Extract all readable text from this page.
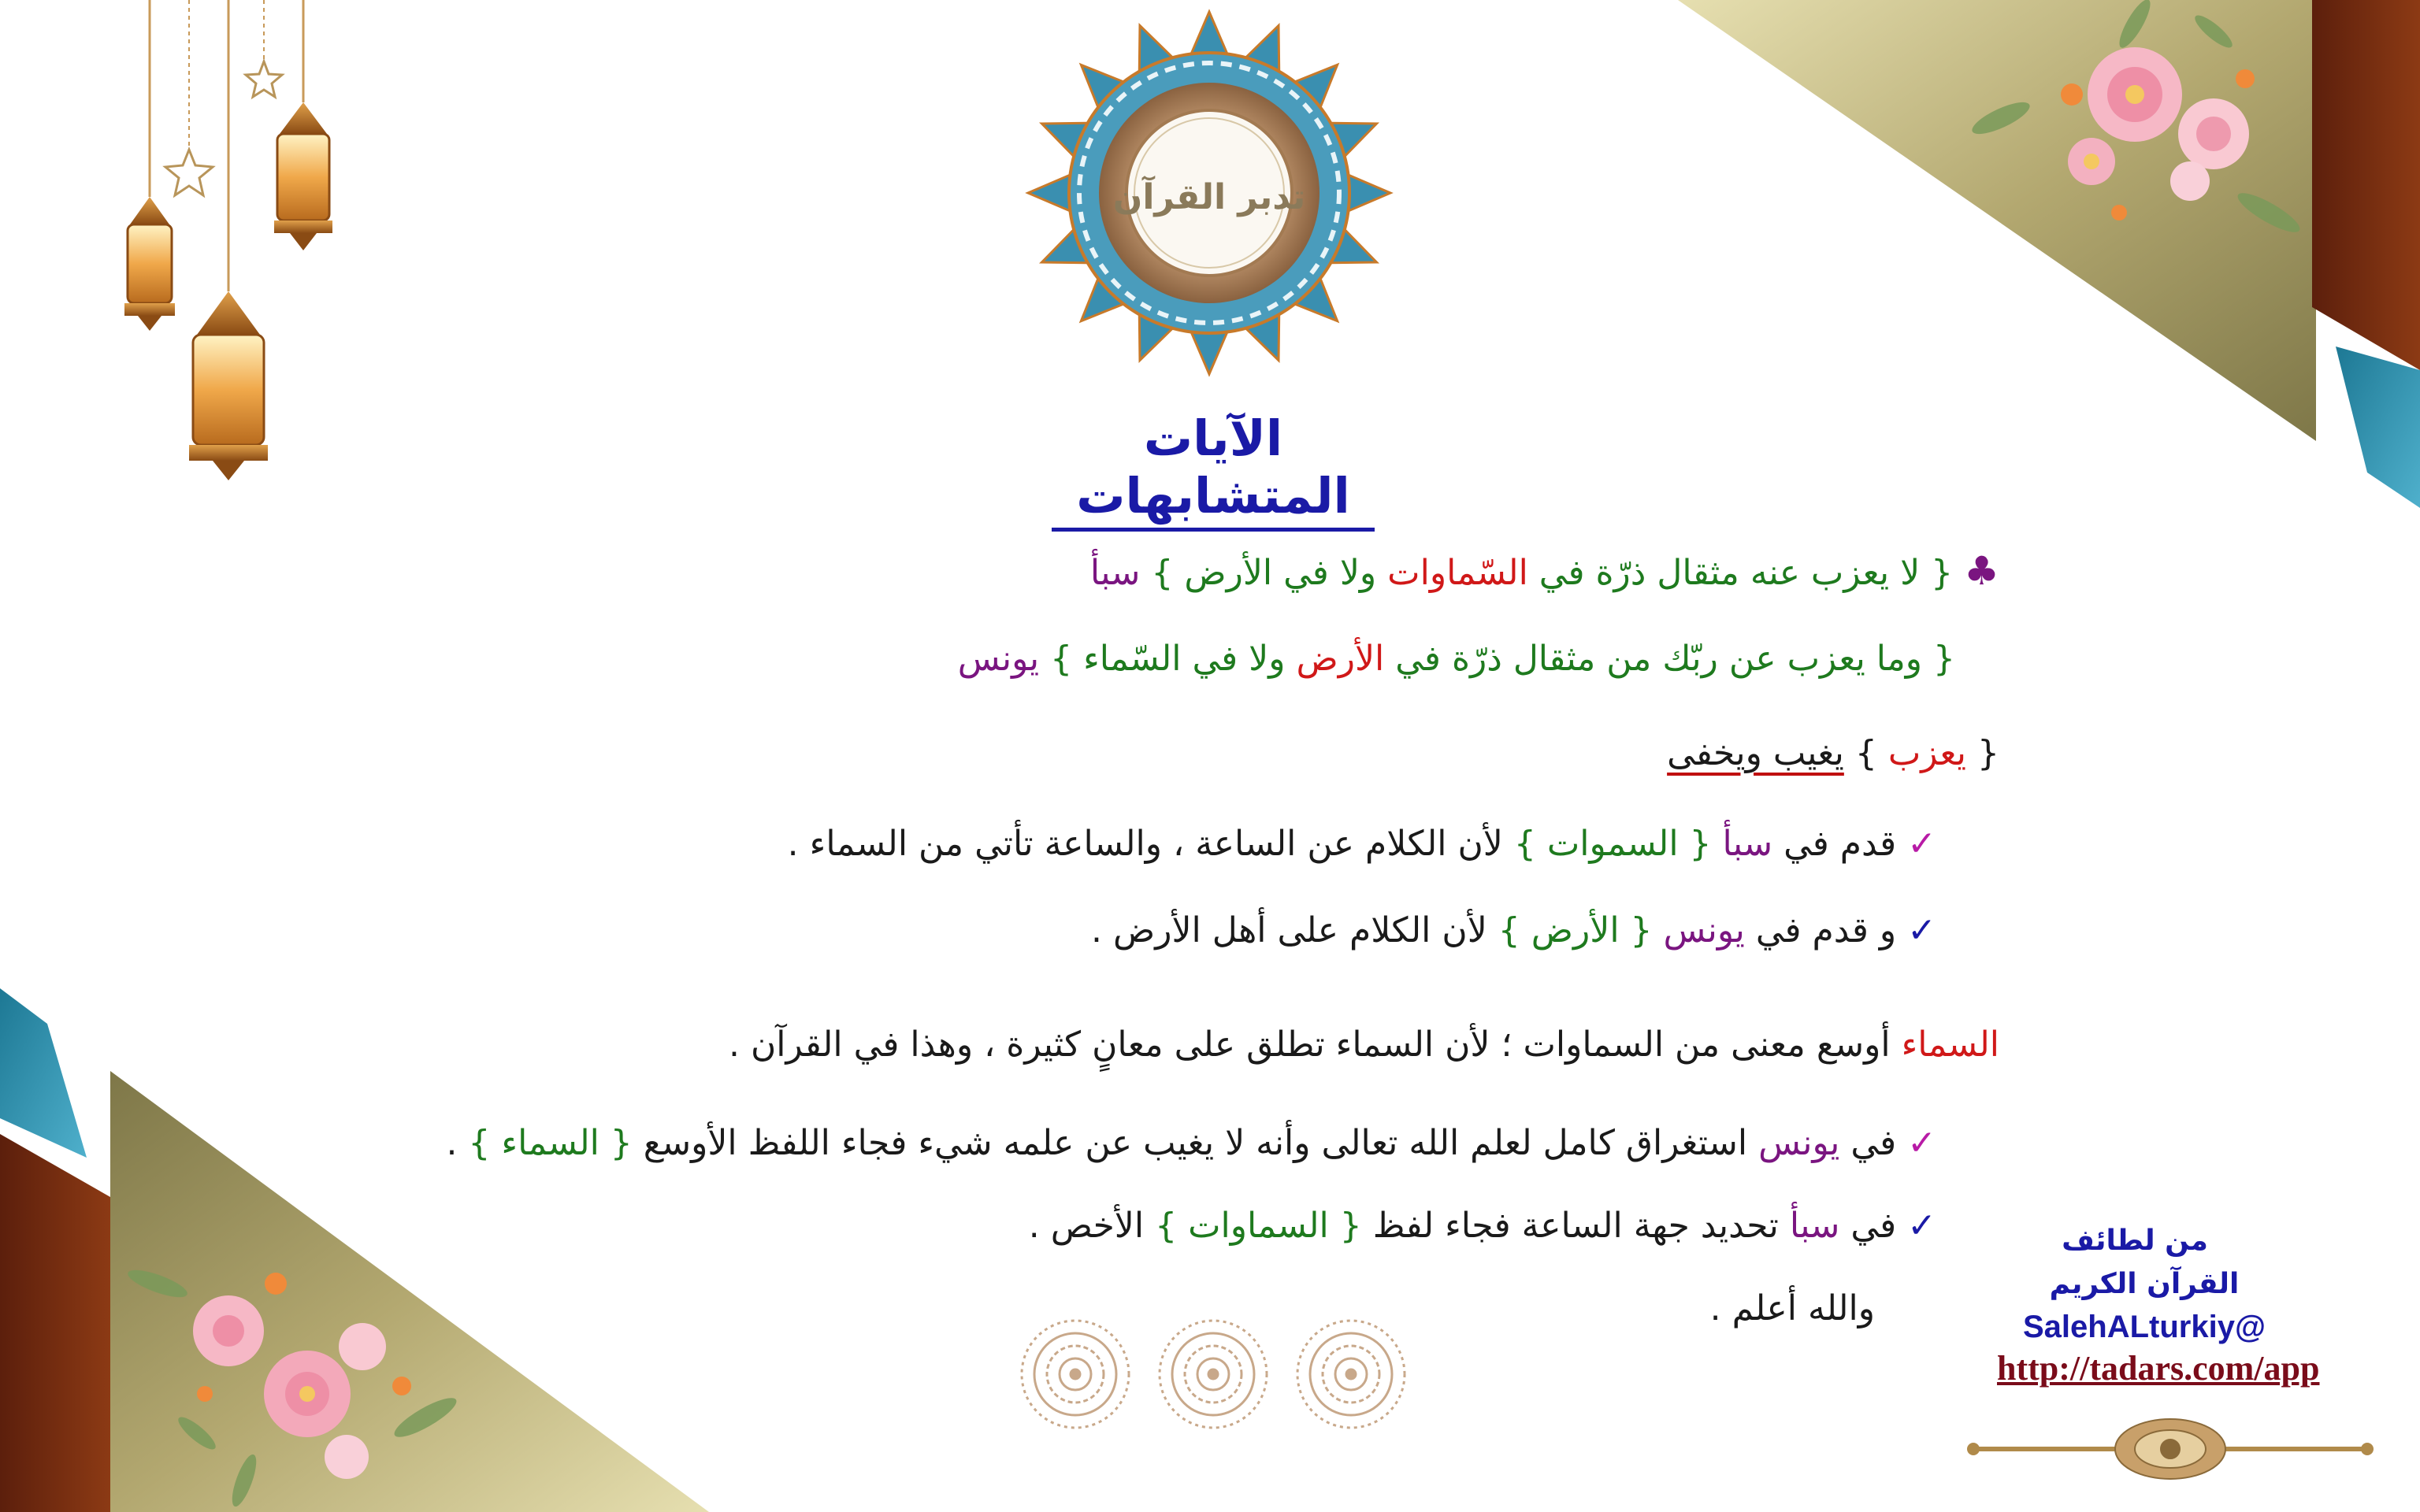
تدبر القرآن
الآيات المتشابهات
♣ { لا يعزب عنه مثقال ذرّة في السّماوات ولا في الأرض } سبأ
{ وما يعزب عن ربّك من مثقال ذرّة في الأرض ولا في السّماء } يونس
{ يعزب } يغيب ويخفى
✓ قدم في سبأ { السموات } لأن الكلام عن الساعة ، والساعة تأتي من السماء .
✓ و قدم في يونس { الأرض } لأن الكلام على أهل الأرض .
السماء أوسع معنى من السماوات ؛ لأن السماء تطلق على معانٍ كثيرة ، وهذا في القرآن .
✓ في يونس استغراق كامل لعلم الله تعالى وأنه لا يغيب عن علمه شيء فجاء اللفظ الأوسع { السماء } .
✓ في سبأ تحديد جهة الساعة فجاء لفظ { السماوات } الأخص .
والله أعلم .
من لطائف
القرآن الكريم
@SalehALturkiy
http://tadars.com/app
